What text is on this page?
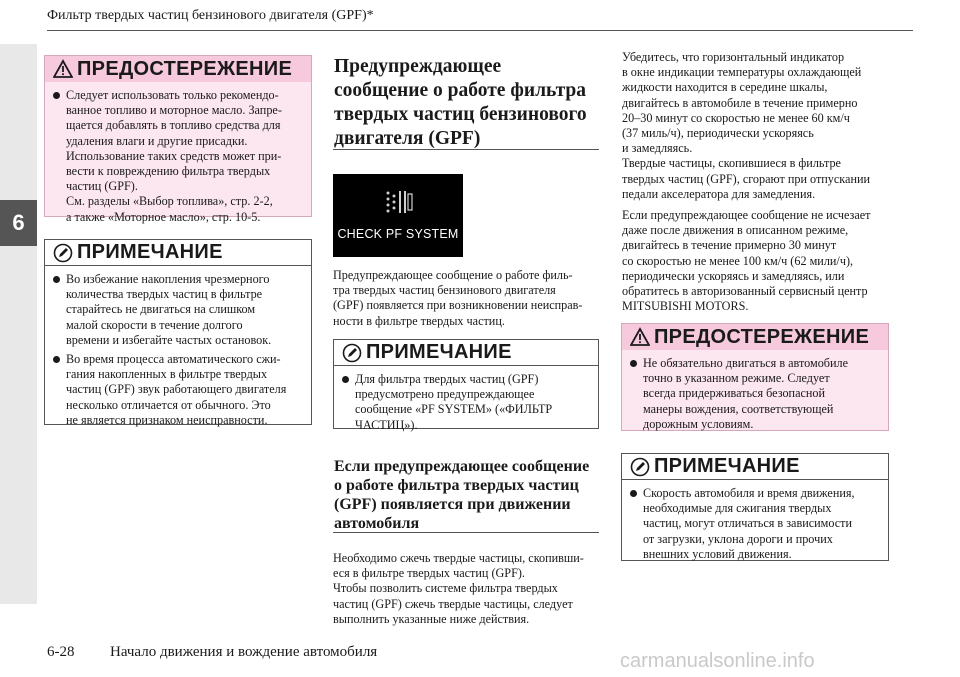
Фильтр твердых частиц бензинового двигателя (GPF)*
6
ПРЕДОСТЕРЕЖЕНИЕ
Следует использовать только рекомендо-
ванное топливо и моторное масло. Запре-
щается добавлять в топливо средства для
удаления влаги и другие присадки.
Использование таких средств может при-
вести к повреждению фильтра твердых
частиц (GPF).
См. разделы «Выбор топлива», стр. 2-2,
а также «Моторное масло», стр. 10-5.
ПРИМЕЧАНИЕ
Во избежание накопления чрезмерного
количества твердых частиц в фильтре
старайтесь не двигаться на слишком
малой скорости в течение долгого
времени и избегайте частых остановок.
Во время процесса автоматического сжи-
гания накопленных в фильтре твердых
частиц (GPF) звук работающего двигателя
несколько отличается от обычного. Это
не является признаком неисправности.
Предупреждающее
сообщение о работе фильтра
твердых частиц бензинового
двигателя (GPF)
CHECK PF SYSTEM
Предупреждающее сообщение о работе филь-
тра твердых частиц бензинового двигателя
(GPF) появляется при возникновении неисправ-
ности в фильтре твердых частиц.
ПРИМЕЧАНИЕ
Для фильтра твердых частиц (GPF)
предусмотрено предупреждающее
сообщение «PF SYSTEM» («ФИЛЬТР
ЧАСТИЦ»).
Если предупреждающее сообщение
о работе фильтра твердых частиц
(GPF) появляется при движении
автомобиля
Необходимо сжечь твердые частицы, скопивши-
еся в фильтре твердых частиц (GPF).
Чтобы позволить системе фильтра твердых
частиц (GPF) сжечь твердые частицы, следует
выполнить указанные ниже действия.
Убедитесь, что горизонтальный индикатор
в окне индикации температуры охлаждающей
жидкости находится в середине шкалы,
двигайтесь в автомобиле в течение примерно
20–30 минут со скоростью не менее 60 км/ч
(37 миль/ч), периодически ускоряясь
и замедляясь.
Твердые частицы, скопившиеся в фильтре
твердых частиц (GPF), сгорают при отпускании
педали акселератора для замедления.
Если предупреждающее сообщение не исчезает
даже после движения в описанном режиме,
двигайтесь в течение примерно 30 минут
со скоростью не менее 100 км/ч (62 мили/ч),
периодически ускоряясь и замедляясь, или
обратитесь в авторизованный сервисный центр
MITSUBISHI MOTORS.
ПРЕДОСТЕРЕЖЕНИЕ
Не обязательно двигаться в автомобиле
точно в указанном режиме. Следует
всегда придерживаться безопасной
манеры вождения, соответствующей
дорожным условиям.
ПРИМЕЧАНИЕ
Скорость автомобиля и время движения,
необходимые для сжигания твердых
частиц, могут отличаться в зависимости
от загрузки, уклона дороги и прочих
внешних условий движения.
6-28 Начало движения и вождение автомобиля	carmanualsonline.info
